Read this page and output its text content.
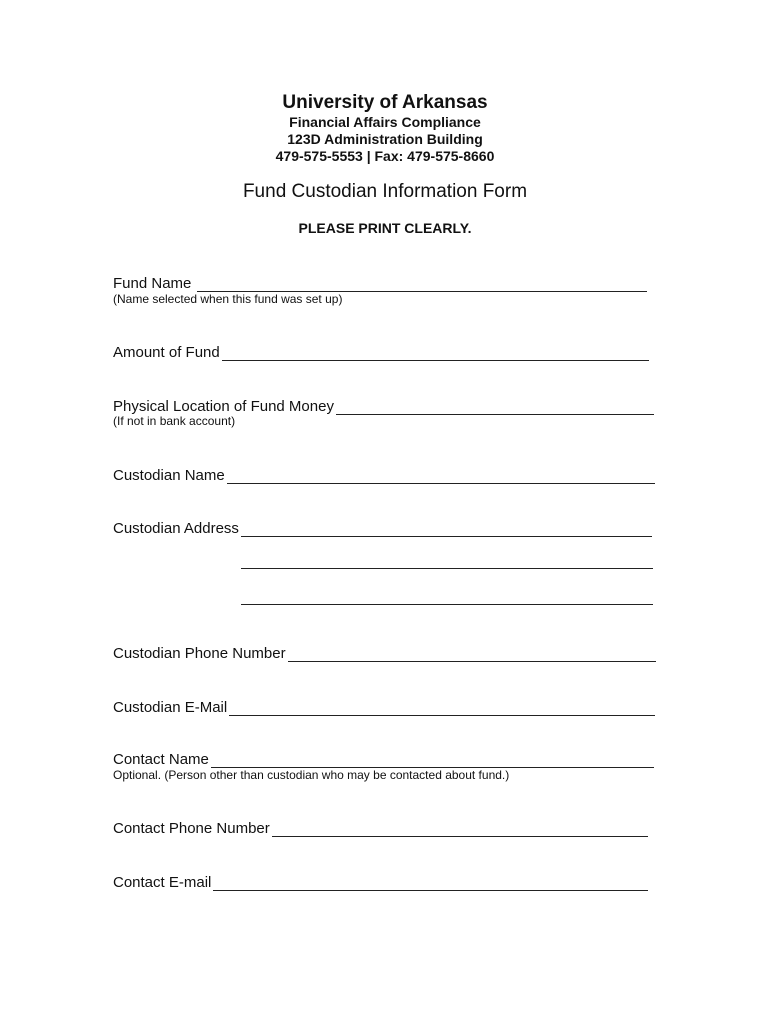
University of Arkansas
Financial Affairs Compliance
123D Administration Building
479-575-5553 | Fax: 479-575-8660
Fund Custodian Information Form
PLEASE PRINT CLEARLY.
Fund Name
(Name selected when this fund was set up)
Amount of Fund
Physical Location of Fund Money
(If not in bank account)
Custodian Name
Custodian Address
Custodian Phone Number
Custodian E-Mail
Contact Name
Optional. (Person other than custodian who may be contacted about fund.)
Contact Phone Number
Contact E-mail
